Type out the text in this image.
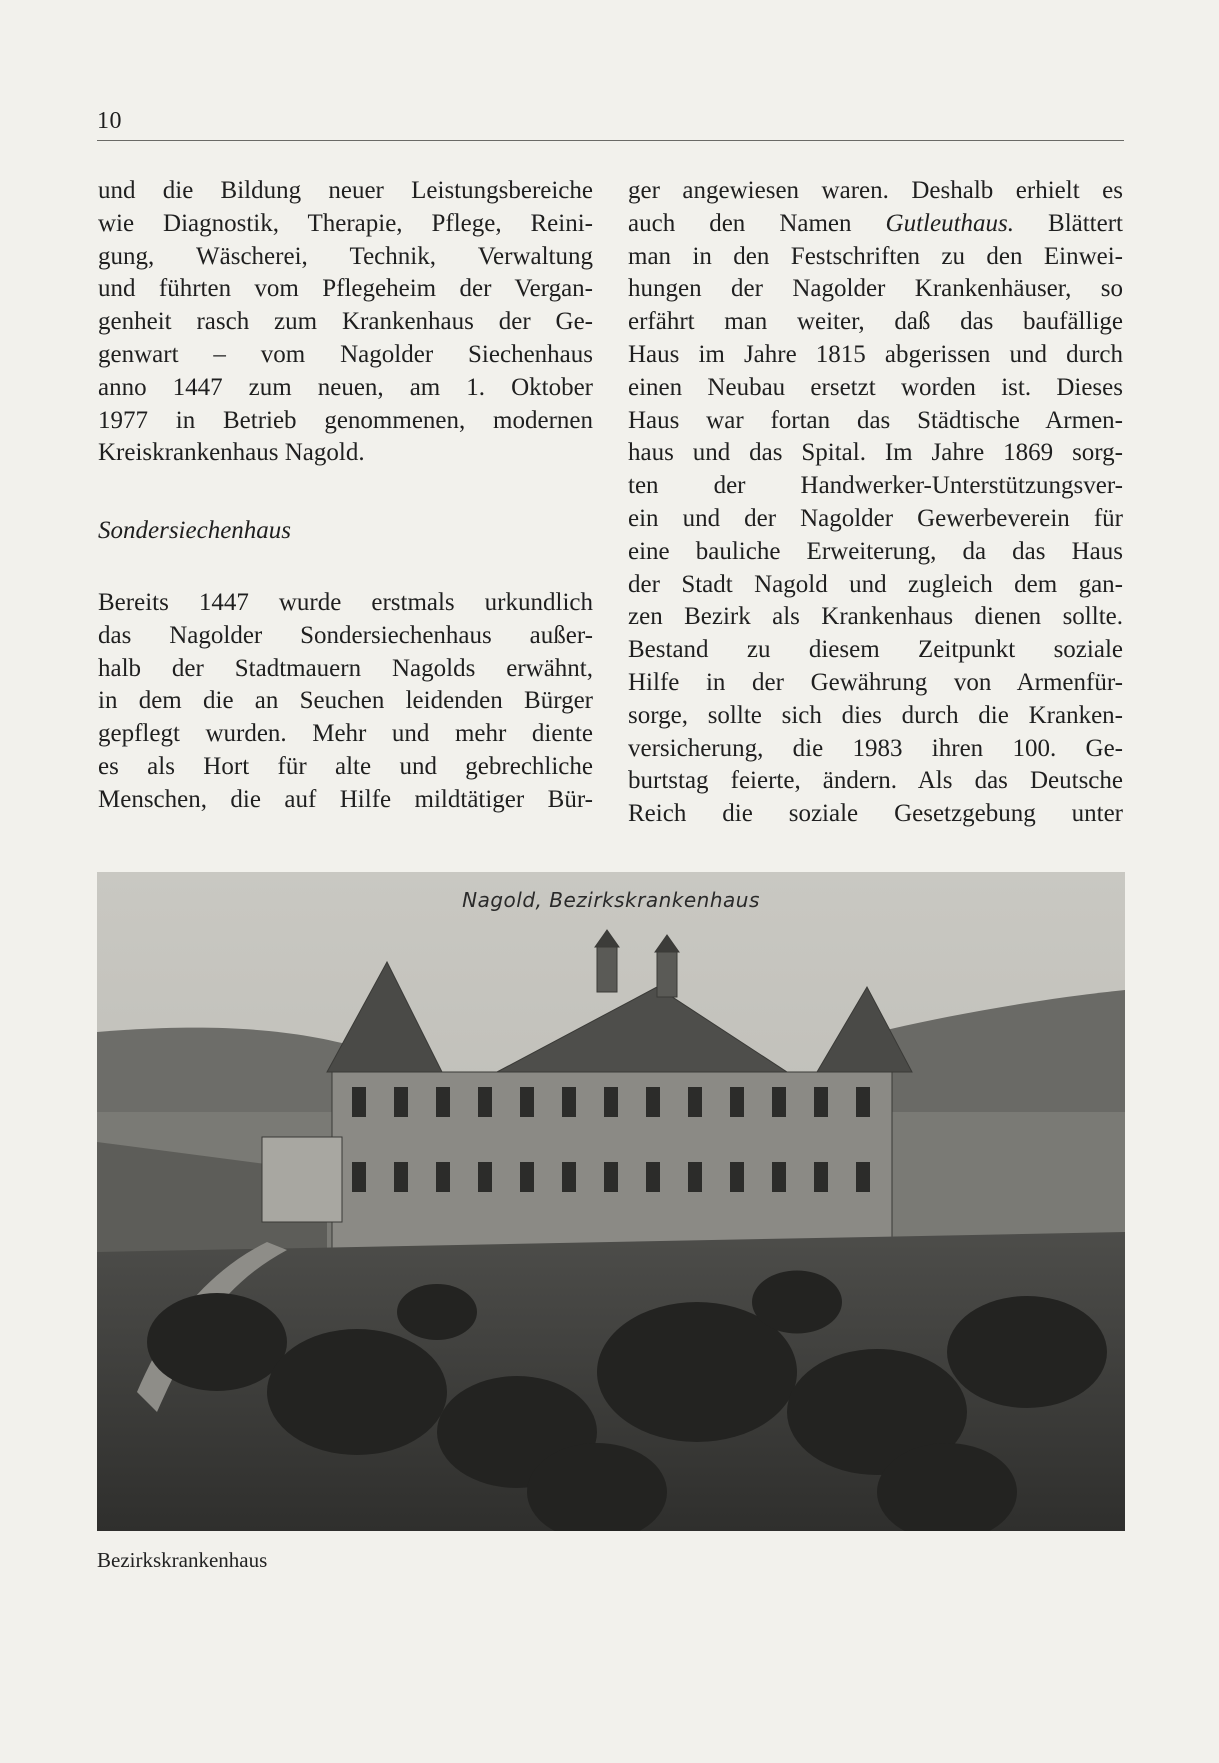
10
und die Bildung neuer Leistungsbereiche
wie Diagnostik, Therapie, Pflege, Reini-
gung, Wäscherei, Technik, Verwaltung
und führten vom Pflegeheim der Vergan-
genheit rasch zum Krankenhaus der Ge-
genwart – vom Nagolder Siechenhaus
anno 1447 zum neuen, am 1. Oktober
1977 in Betrieb genommenen, modernen
Kreiskrankenhaus Nagold.

Sondersiechenhaus

Bereits 1447 wurde erstmals urkundlich
das Nagolder Sondersiechenhaus außer-
halb der Stadtmauern Nagolds erwähnt,
in dem die an Seuchen leidenden Bürger
gepflegt wurden. Mehr und mehr diente
es als Hort für alte und gebrechliche
Menschen, die auf Hilfe mildtätiger Bür-
ger angewiesen waren. Deshalb erhielt es
auch den Namen Gutleuthaus. Blättert
man in den Festschriften zu den Einwei-
hungen der Nagolder Krankenhäuser, so
erfährt man weiter, daß das baufällige
Haus im Jahre 1815 abgerissen und durch
einen Neubau ersetzt worden ist. Dieses
Haus war fortan das Städtische Armen-
haus und das Spital. Im Jahre 1869 sorg-
ten der Handwerker-Unterstützungsver-
ein und der Nagolder Gewerbeverein für
eine bauliche Erweiterung, da das Haus
der Stadt Nagold und zugleich dem gan-
zen Bezirk als Krankenhaus dienen sollte.
Bestand zu diesem Zeitpunkt soziale
Hilfe in der Gewährung von Armenfür-
sorge, sollte sich dies durch die Kranken-
versicherung, die 1983 ihren 100. Ge-
burtstag feierte, ändern. Als das Deutsche
Reich die soziale Gesetzgebung unter
Nagold, Bezirkskrankenhaus
Bezirkskrankenhaus
